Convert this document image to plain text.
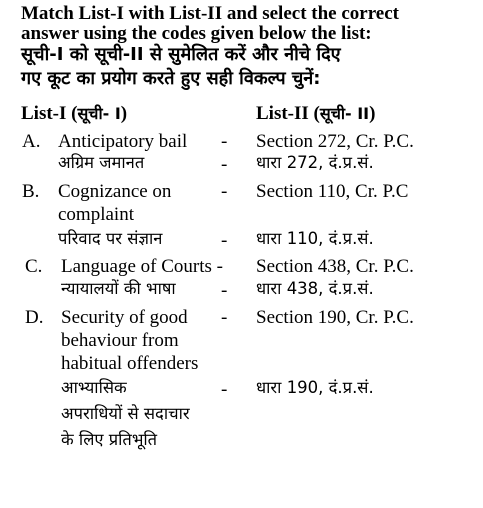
Match List-I with List-II and select the correct
answer using the codes given below the list:
सूची-I को सूची-II से सुमेलित करें और नीचे दिए
गए कूट का प्रयोग करते हुए सही विकल्प चुनें:
List-I (सूची- I)	List-II (सूची- II)
A. Anticipatory bail - Section 272, Cr. P.C.
अग्रिम जमानत	- धारा 272, दं.प्र.सं.
B. Cognizance on	- Section 110, Cr. P.C
complaint
परिवाद पर संज्ञान	- धारा 110, दं.प्र.सं.
C. Language of Courts - Section 438, Cr. P.C.
न्यायालयों की भाषा - धारा 438, दं.प्र.सं.
D. Security of good - Section 190, Cr. P.C.
behaviour from
habitual offenders
आभ्यासिक	- धारा 190, दं.प्र.सं.
अपराधियों से सदाचार
के लिए प्रतिभूति
